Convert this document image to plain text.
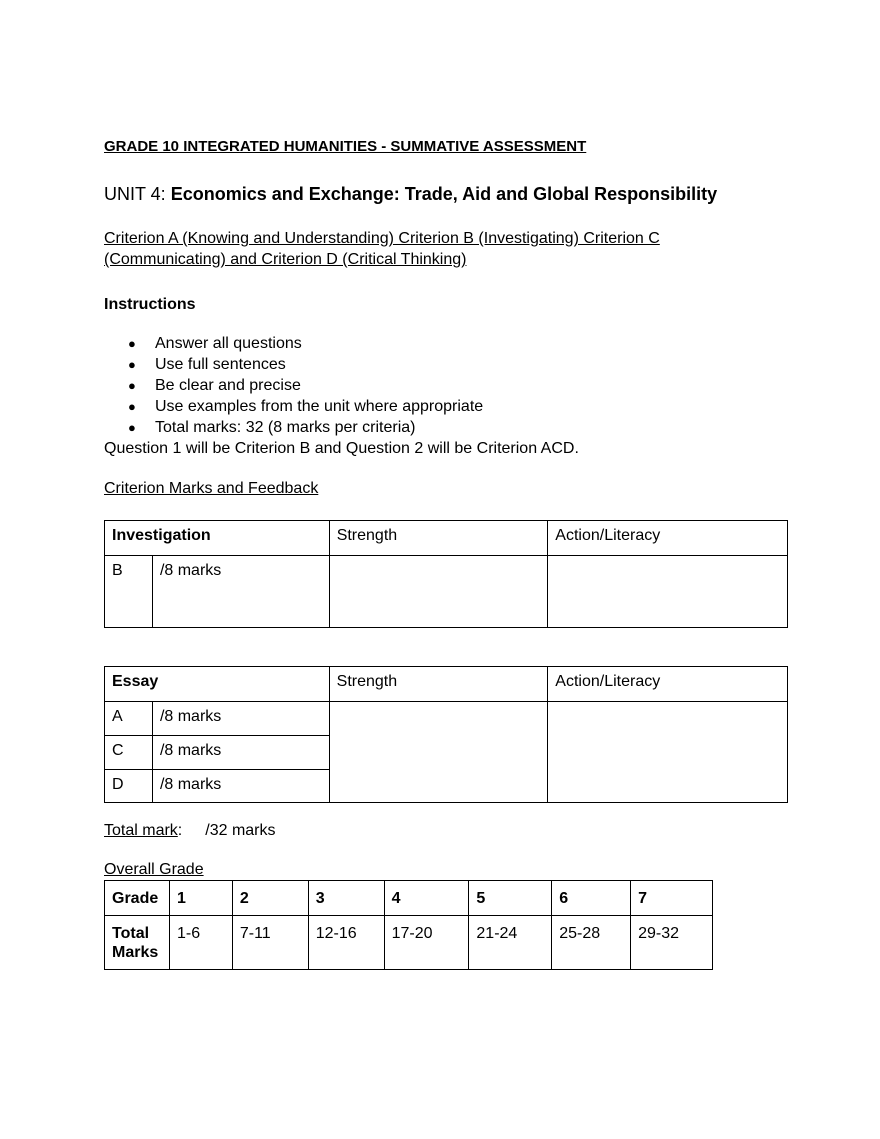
GRADE 10 INTEGRATED HUMANITIES - SUMMATIVE ASSESSMENT
UNIT 4: Economics and Exchange: Trade, Aid and Global Responsibility
Criterion A (Knowing and Understanding) Criterion B (Investigating) Criterion C (Communicating) and Criterion D (Critical Thinking)
Instructions
● Answer all questions
● Use full sentences
● Be clear and precise
● Use examples from the unit where appropriate
● Total marks: 32 (8 marks per criteria)
Question 1 will be Criterion B and Question 2 will be Criterion ACD.
Criterion Marks and Feedback
Investigation		Strength	Action/Literacy
B	/8 marks		
Essay		Strength	Action/Literacy
A	/8 marks		
C	/8 marks		
D	/8 marks		
Total mark: /32 marks
Overall Grade
Grade	1	2	3	4	5	6	7
Total Marks	1-6	7-11	12-16	17-20	21-24	25-28	29-32
